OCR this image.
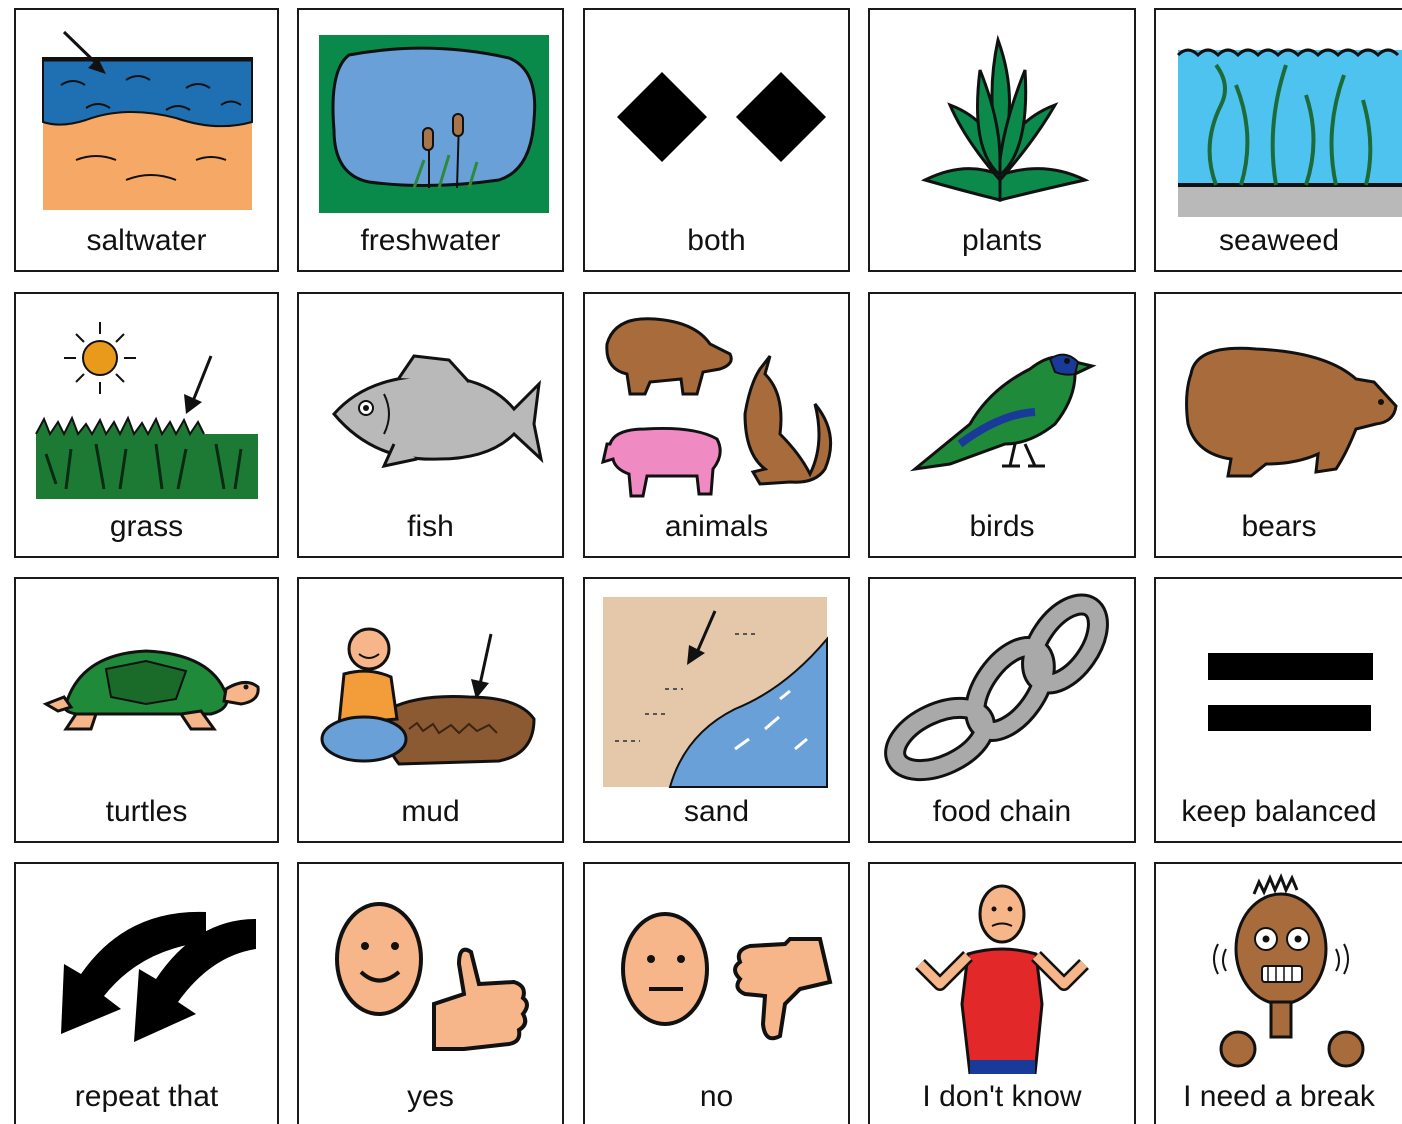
saltwater	freshwater	both	plants	seaweed
grass	fish	animals	birds	bears
turtles	mud	sand	food chain	keep balanced
repeat that	yes	no	I don't know	I need a break
